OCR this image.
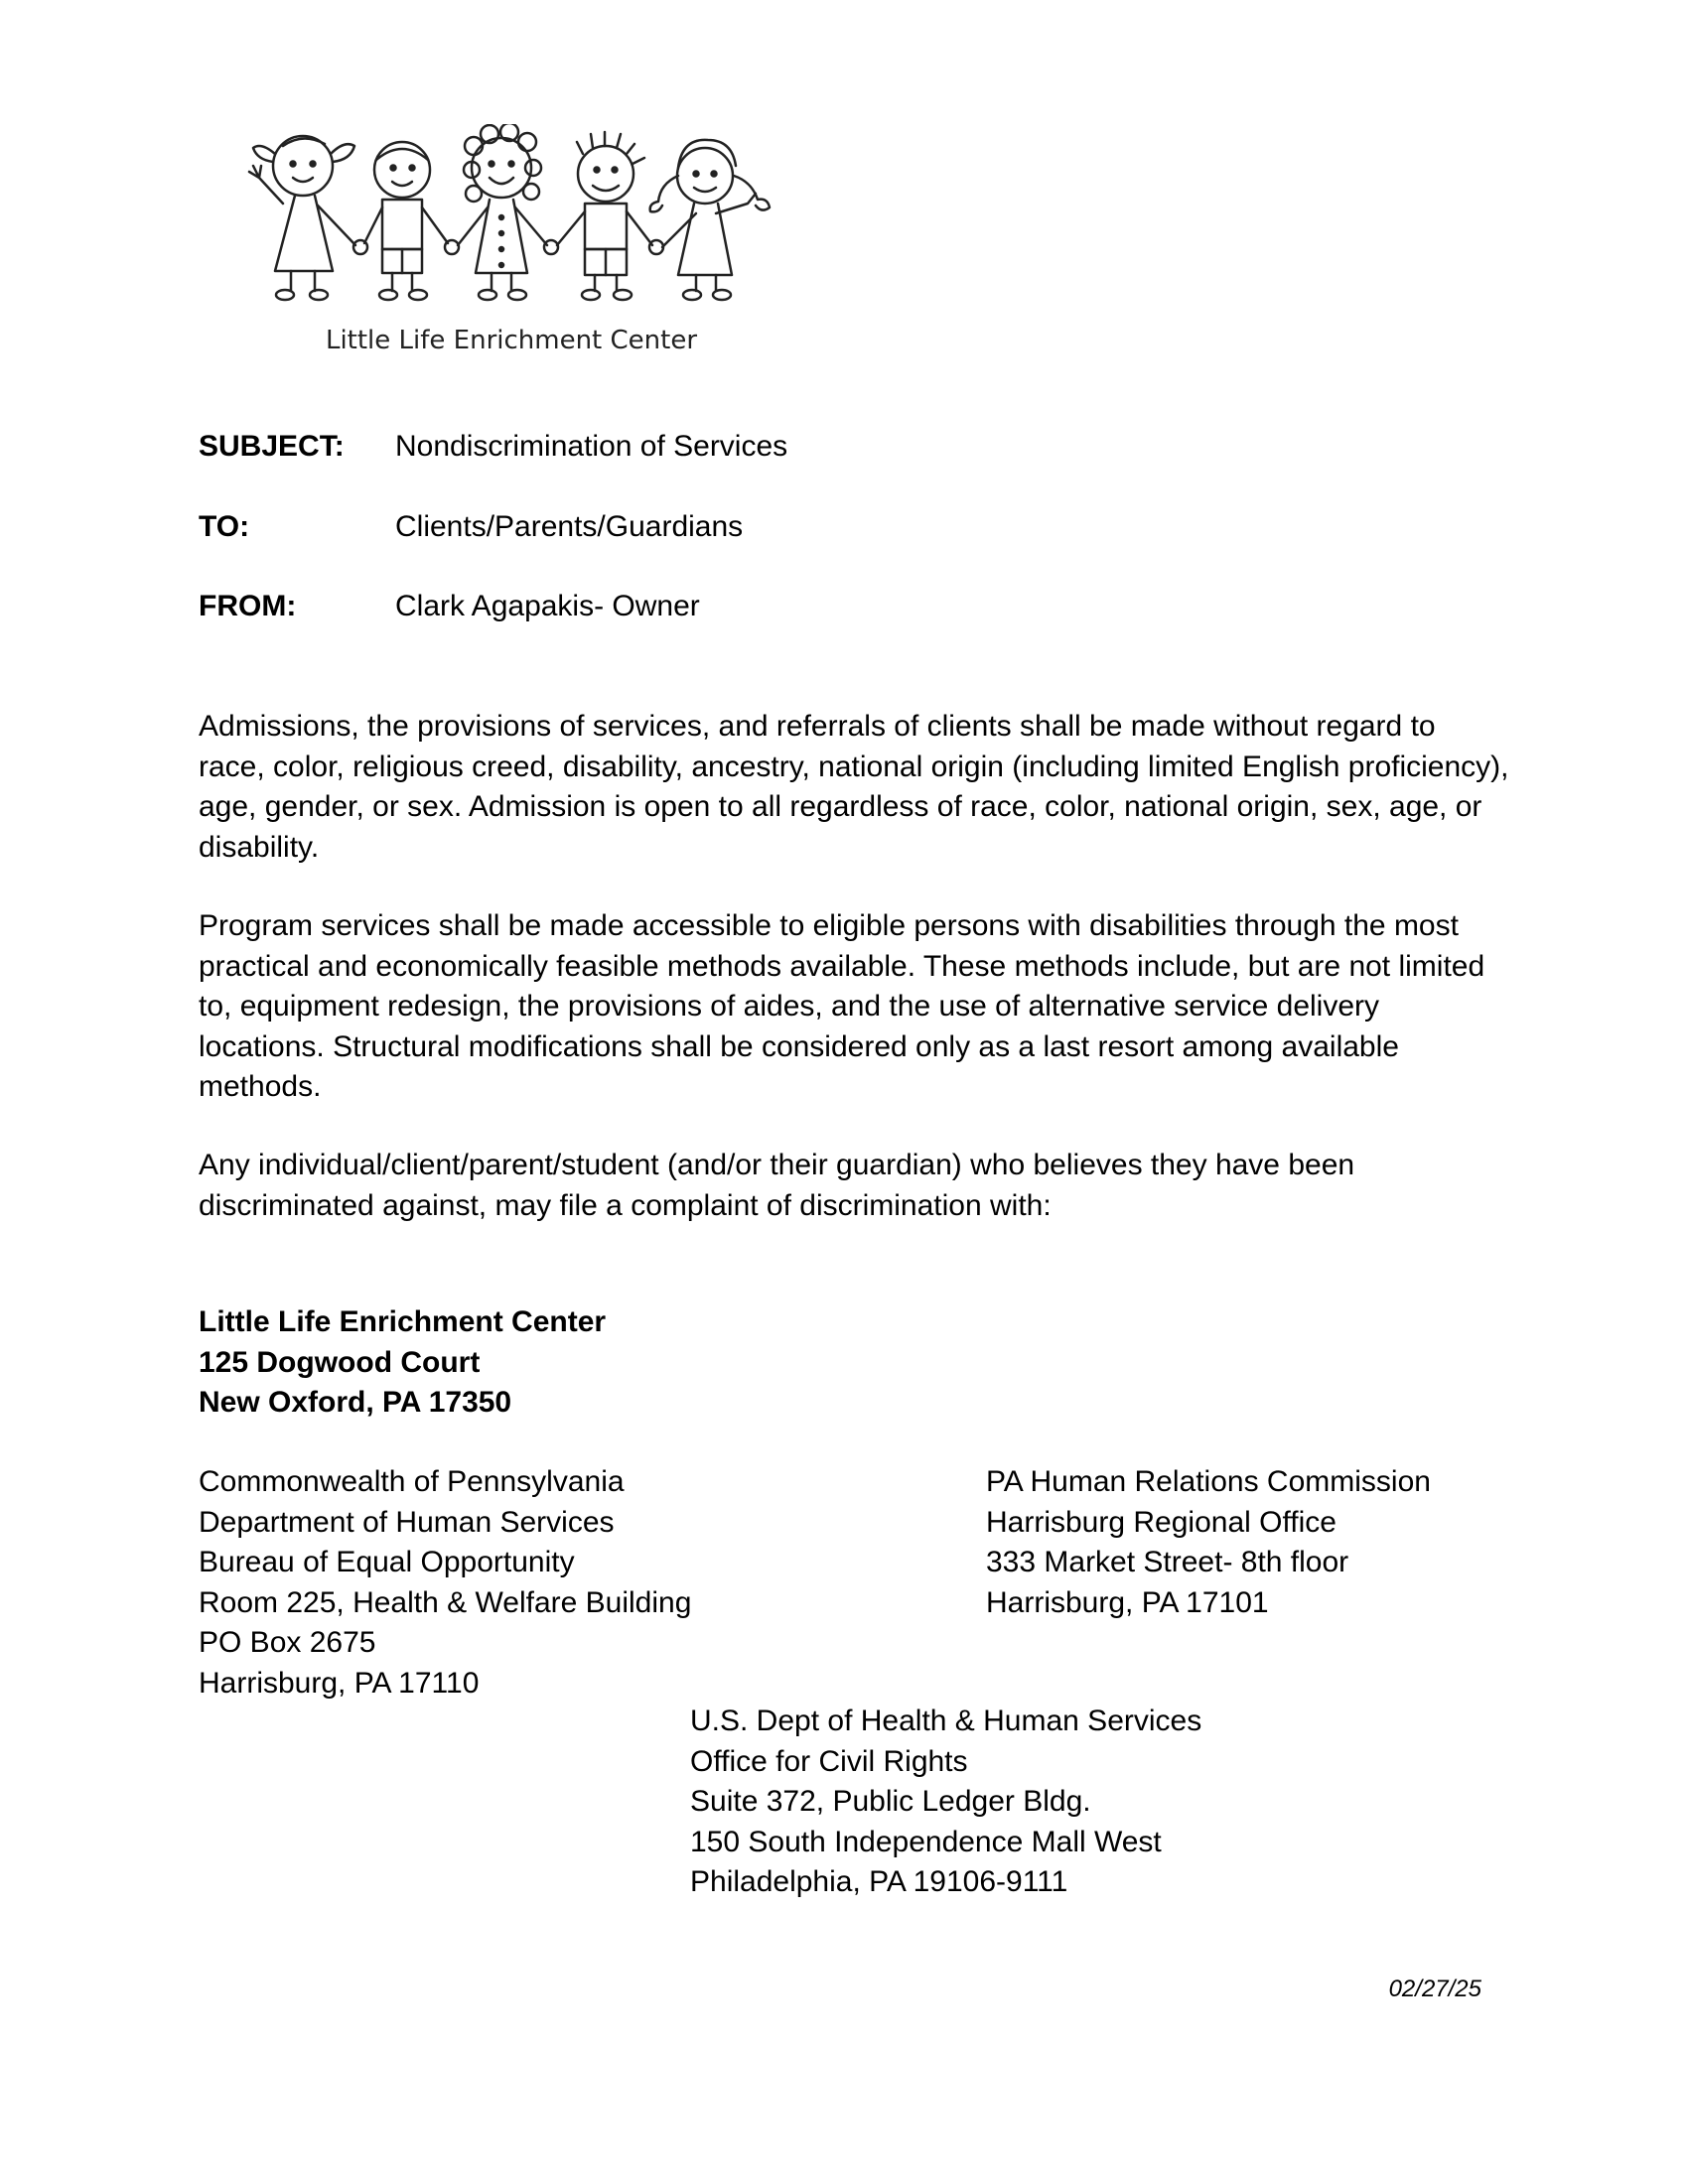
Little Life Enrichment Center
SUBJECT: Nondiscrimination of Services
TO:	Clients/Parents/Guardians
FROM:	Clark Agapakis- Owner

Admissions, the provisions of services, and referrals of clients shall be made without regard to race, color, religious creed, disability, ancestry, national origin (including limited English proficiency), age, gender, or sex. Admission is open to all regardless of race, color, national origin, sex, age, or disability.

Program services shall be made accessible to eligible persons with disabilities through the most practical and economically feasible methods available. These methods include, but are not limited to, equipment redesign, the provisions of aides, and the use of alternative service delivery locations. Structural modifications shall be considered only as a last resort among available methods.

Any individual/client/parent/student (and/or their guardian) who believes they have been discriminated against, may file a complaint of discrimination with:

Little Life Enrichment Center
125 Dogwood Court
New Oxford, PA 17350
Commonwealth of Pennsylvania
Department of Human Services
Bureau of Equal Opportunity
Room 225, Health & Welfare Building
PO Box 2675
Harrisburg, PA 17110
PA Human Relations Commission
Harrisburg Regional Office
333 Market Street- 8th floor
Harrisburg, PA 17101
U.S. Dept of Health & Human Services
Office for Civil Rights
Suite 372, Public Ledger Bldg.
150 South Independence Mall West
Philadelphia, PA 19106-9111
02/27/25
